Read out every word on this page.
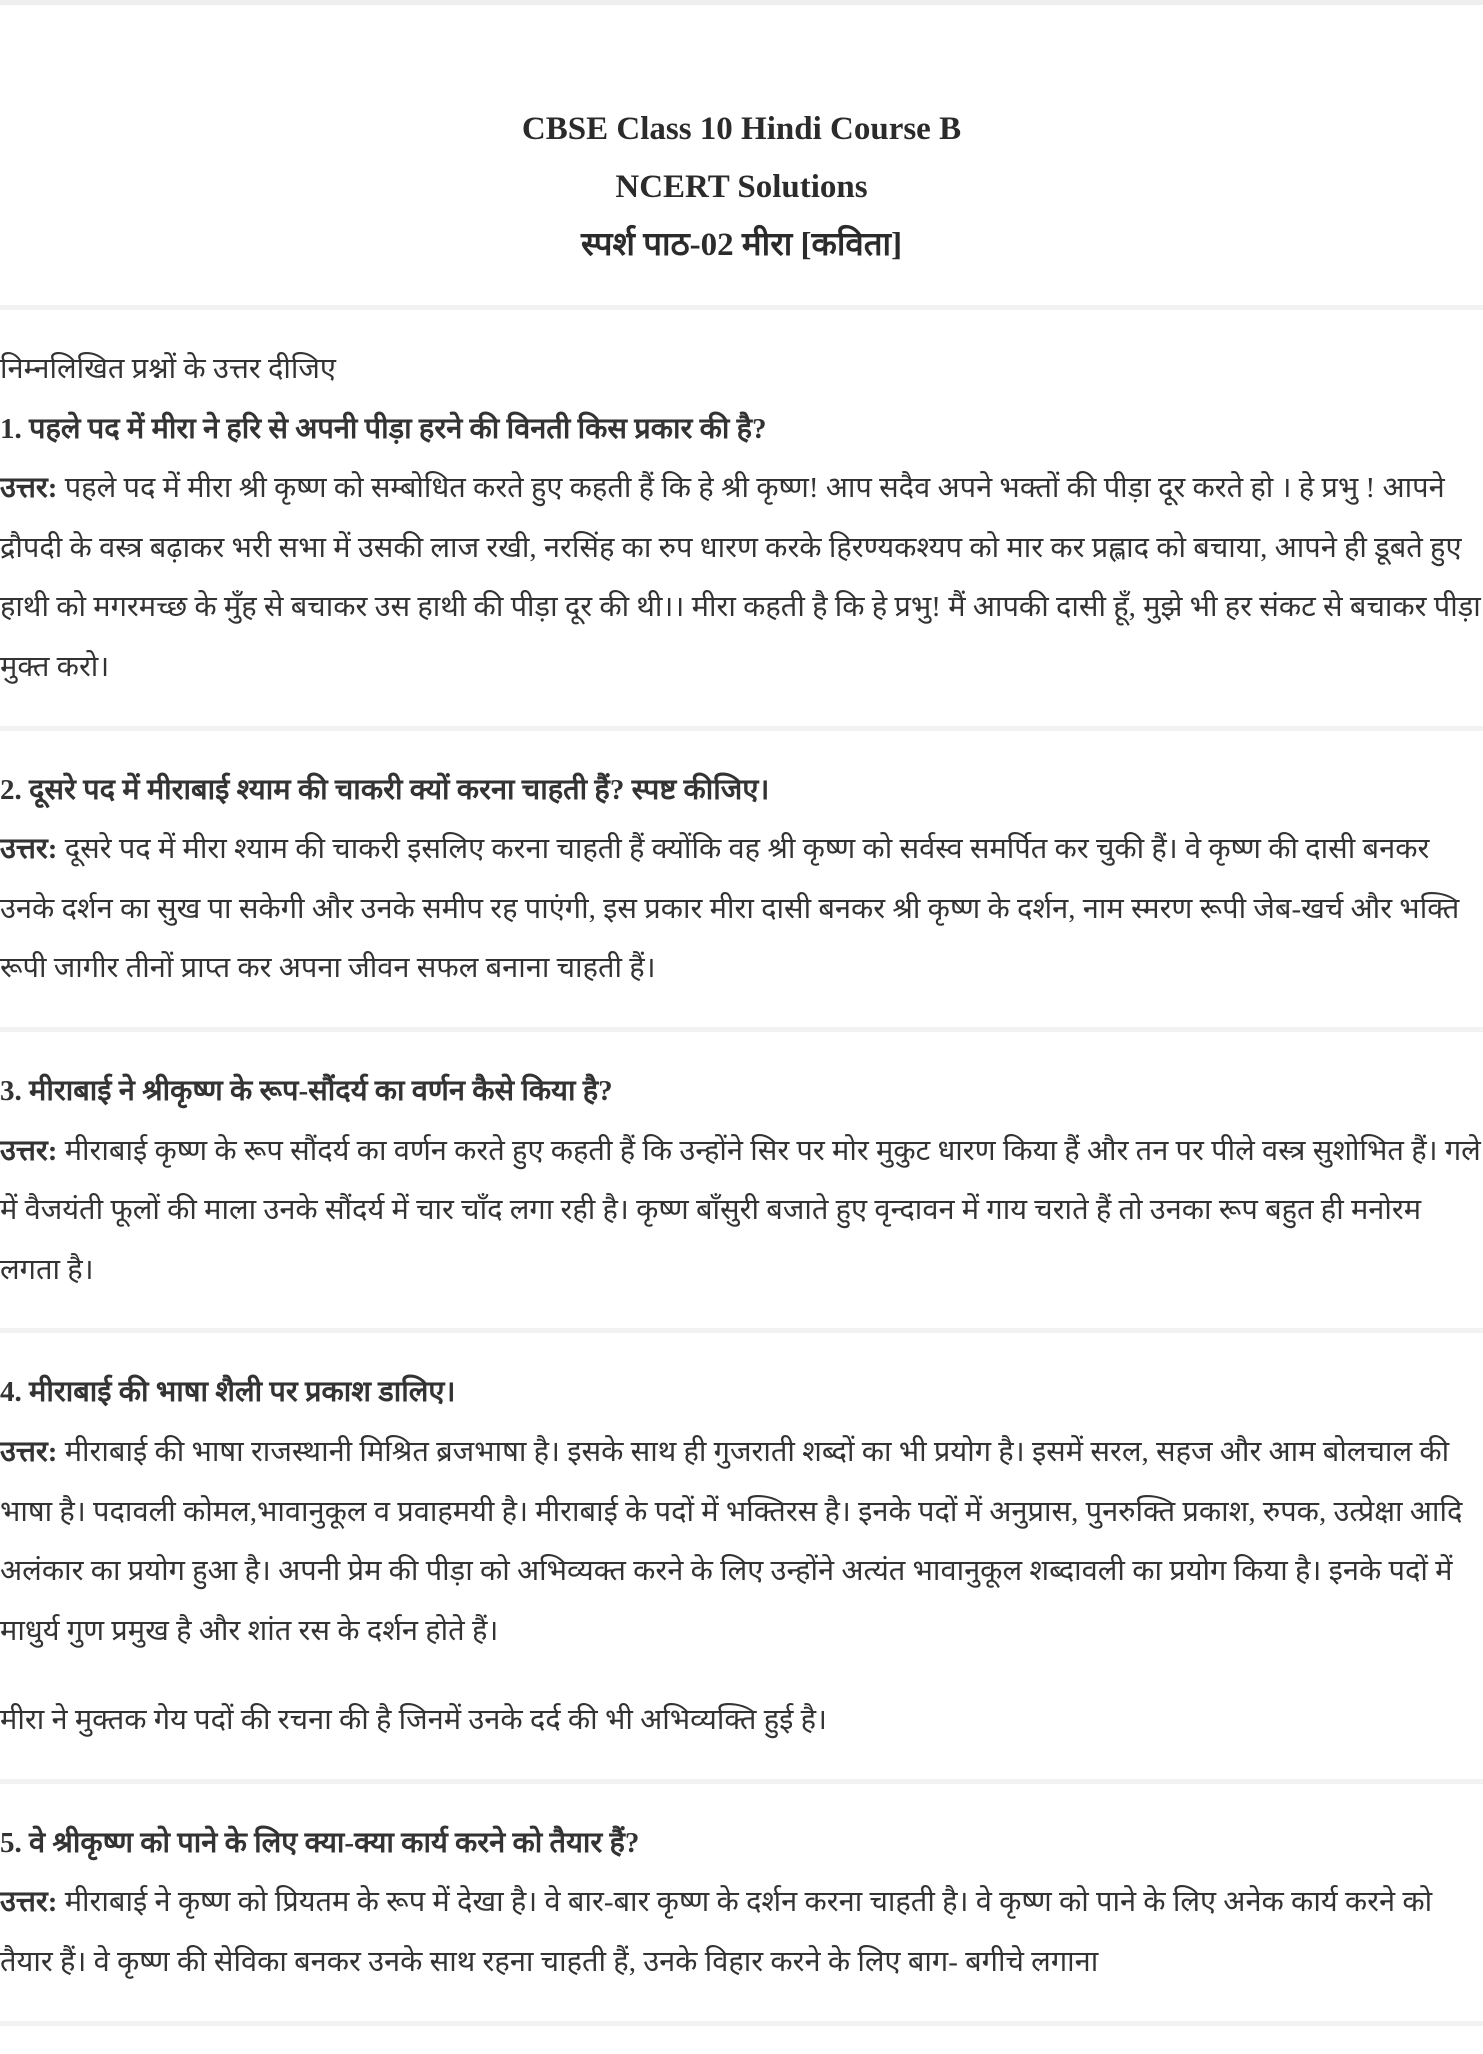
CBSE Class 10 Hindi Course B
NCERT Solutions
स्पर्श पाठ-02 मीरा [कविता]

निम्नलिखित प्रश्नों के उत्तर दीजिए

1. पहले पद में मीरा ने हरि से अपनी पीड़ा हरने की विनती किस प्रकार की है?

उत्तर: पहले पद में मीरा श्री कृष्ण को सम्बोधित करते हुए कहती हैं कि हे श्री कृष्ण! आप सदैव अपने भक्तों की पीड़ा दूर करते हो । हे प्रभु ! आपने द्रौपदी के वस्त्र बढ़ाकर भरी सभा में उसकी लाज रखी, नरसिंह का रुप धारण करके हिरण्यकश्यप को मार कर प्रह्लाद को बचाया, आपने ही डूबते हुए हाथी को मगरमच्छ के मुँह से बचाकर उस हाथी की पीड़ा दूर की थी।। मीरा कहती है कि हे प्रभु! मैं आपकी दासी हूँ, मुझे भी हर संकट से बचाकर पीड़ा मुक्त करो।

2. दूसरे पद में मीराबाई श्याम की चाकरी क्यों करना चाहती हैं? स्पष्ट कीजिए।

उत्तर: दूसरे पद में मीरा श्याम की चाकरी इसलिए करना चाहती हैं क्योंकि वह श्री कृष्ण को सर्वस्व समर्पित कर चुकी हैं। वे कृष्ण की दासी बनकर उनके दर्शन का सुख पा सकेगी और उनके समीप रह पाएंगी, इस प्रकार मीरा दासी बनकर श्री कृष्ण के दर्शन, नाम स्मरण रूपी जेब-खर्च और भक्ति रूपी जागीर तीनों प्राप्त कर अपना जीवन सफल बनाना चाहती हैं।

3. मीराबाई ने श्रीकृष्ण के रूप-सौंदर्य का वर्णन कैसे किया है?

उत्तर: मीराबाई कृष्ण के रूप सौंदर्य का वर्णन करते हुए कहती हैं कि उन्होंने सिर पर मोर मुकुट धारण किया हैं और तन पर पीले वस्त्र सुशोभित हैं। गले में वैजयंती फूलों की माला उनके सौंदर्य में चार चाँद लगा रही है। कृष्ण बाँसुरी बजाते हुए वृन्दावन में गाय चराते हैं तो उनका रूप बहुत ही मनोरम लगता है।

4. मीराबाई की भाषा शैली पर प्रकाश डालिए।

उत्तर: मीराबाई की भाषा राजस्थानी मिश्रित ब्रजभाषा है। इसके साथ ही गुजराती शब्दों का भी प्रयोग है। इसमें सरल, सहज और आम बोलचाल की भाषा है। पदावली कोमल,भावानुकूल व प्रवाहमयी है। मीराबाई के पदों में भक्तिरस है। इनके पदों में अनुप्रास, पुनरुक्ति प्रकाश, रुपक, उत्प्रेक्षा आदि अलंकार का प्रयोग हुआ है। अपनी प्रेम की पीड़ा को अभिव्यक्त करने के लिए उन्होंने अत्यंत भावानुकूल शब्दावली का प्रयोग किया है। इनके पदों में माधुर्य गुण प्रमुख है और शांत रस के दर्शन होते हैं।

मीरा ने मुक्तक गेय पदों की रचना की है जिनमें उनके दर्द की भी अभिव्यक्ति हुई है।

5. वे श्रीकृष्ण को पाने के लिए क्या-क्या कार्य करने को तैयार हैं?

उत्तर: मीराबाई ने कृष्ण को प्रियतम के रूप में देखा है। वे बार-बार कृष्ण के दर्शन करना चाहती है। वे कृष्ण को पाने के लिए अनेक कार्य करने को तैयार हैं। वे कृष्ण की सेविका बनकर उनके साथ रहना चाहती हैं, उनके विहार करने के लिए बाग- बगीचे लगाना
